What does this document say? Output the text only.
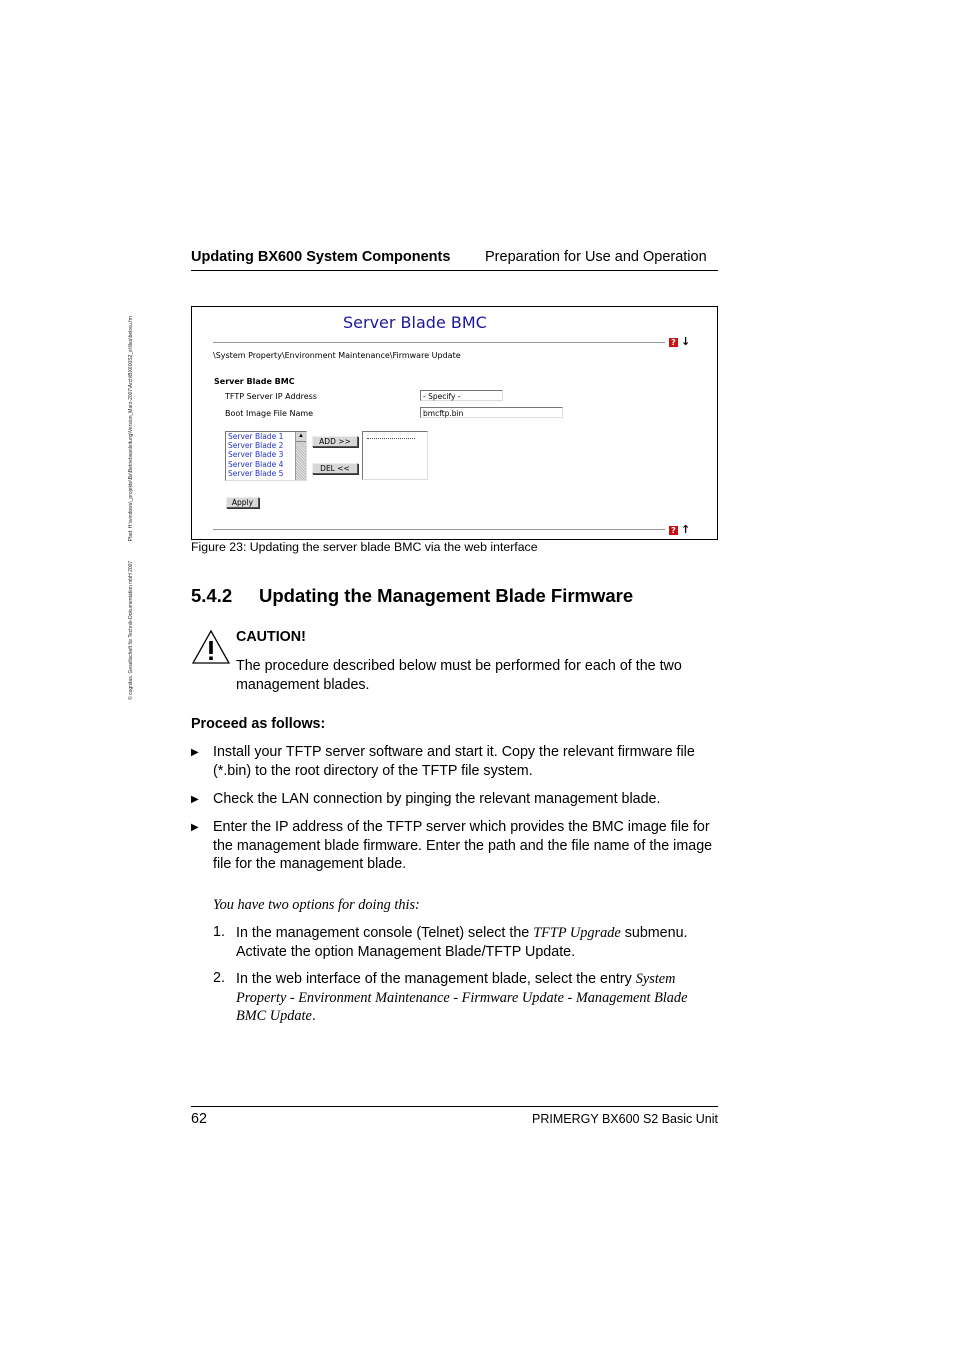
© cognitas. Gesellschaft für Technik-Dokumentation mbH 2007 Pfad: H:\windows\_projekte\Bx\Betriebsanleitung\Version_Marz-2007\Arch\BX600S2_e\files\betreu.fm
Updating BX600 System Components Preparation for Use and Operation
Server Blade BMC
? ↓
\System Property\Environment Maintenance\Firmware Update
Server Blade BMC
TFTP Server IP Address	- Specify -
Boot Image File Name	bmcftp.bin
Server Blade 1
Server Blade 2
Server Blade 3
Server Blade 4
Server Blade 5
▲
ADD >>
DEL <<
Apply
? ↑
Figure 23: Updating the server blade BMC via the web interface
5.4.2 Updating the Management Blade Firmware
CAUTION!
The procedure described below must be performed for each of the two management blades.
Proceed as follows:
▶ Install your TFTP server software and start it. Copy the relevant firmware file (*.bin) to the root directory of the TFTP file system.
▶ Check the LAN connection by pinging the relevant management blade.
▶ Enter the IP address of the TFTP server which provides the BMC image file for the management blade firmware. Enter the path and the file name of the image file for the management blade.
You have two options for doing this:
1. In the management console (Telnet) select the TFTP Upgrade submenu. Activate the option Management Blade/TFTP Update.
2. In the web interface of the management blade, select the entry System Property - Environment Maintenance - Firmware Update - Management Blade BMC Update.
62	PRIMERGY BX600 S2 Basic Unit
